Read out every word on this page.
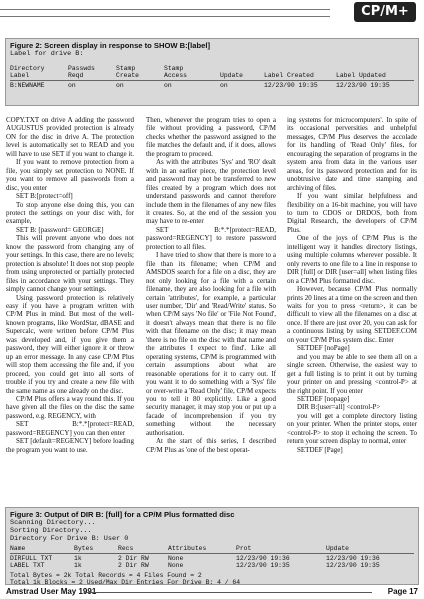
CP/M+
Figure 2: Screen display in response to SHOW B:[label]
Label for drive B:
Directory	Passwds	Stamp	Stamp
Label	Reqd	Create	Access	Update	Label Created	Label Updated
B:NEWNAME	on	on	on	on	12/23/90 19:35	12/23/90 19:35

COPY.TXT on drive A adding the password AUGUSTUS provided protection is already ON for the disc in drive A. The protection level is automatically set to READ and you will have to use SET if you want to change it.

If you want to remove protection from a file, you simply set protection to NONE. If you want to remove all passwords from a disc, you enter

SET B:[protect=off]

To stop anyone else doing this, you can protect the settings on your disc with, for example,

SET B: [password= GEORGE]

This will prevent anyone who does not know the password from changing any of your settings. In this case, there are no levels; protection is absolute! It does not stop people from using unprotected or partially protected files in accordance with your settings. They simply cannot change your settings.

Using password protection is relatively easy if you have a program written with CP/M Plus in mind. But most of the well-known programs, like WordStar, dBASE and Supercalc, were written before CP/M Plus was developed and, if you give them a password, they will either ignore it or throw up an error message. In any case CP/M Plus will stop them accessing the file and, if you proceed, you could get into all sorts of trouble if you try and create a new file with the same name as one already on the disc.

CP/M Plus offers a way round this. If you have given all the files on the disc the same password, e.g. REGENCY, with

SET B:*.*[protect=READ, password=REGENCY] you can then enter

SET [default=REGENCY] before loading the program you want to use.

Then, whenever the program tries to open a file without providing a password, CP/M checks whether the password assigned to the file matches the default and, if it does, allows the program to proceed.

As with the attributes 'Sys' and 'RO' dealt with in an earlier piece, the protection level and password may not be transferred to new files created by a program which does not understand passwords and cannot therefore include them in the filenames of any new files it creates. So, at the end of the session you may have to re-enter

SET B:*.*[protect=READ, password=REGENCY] to restore password protection to all files.

I have tried to show that there is more to a file than its filename; when CP/M and AMSDOS search for a file on a disc, they are not only looking for a file with a certain filename, they are also looking for a file with certain 'attributes', for example, a particular user number, 'Dir' and 'Read/Write' status. So when CP/M says 'No file' or 'File Not Found', it doesn't always mean that there is no file with that filename on the disc; it may mean 'there is no file on the disc with that name and the attributes I expect to find'. Like all operating systems, CP/M is programmed with certain assumptions about what are reasonable operations for it to carry out. If you want it to do something with a 'Sys' file or over-write a 'Read Only' file, CP/M expects you to tell it 80 explicitly. Like a good security manager, it may stop you or put up a facade of incomprehension if you try something without the necessary authorisation.

At the start of this series, I described CP/M Plus as 'one of the best operat-

ing systems for microcomputers'. In spite of its occasional perversities and unhelpful messages, CP/M Plus deserves the accolade for its handling of 'Read Only' files, for encouraging the separation of programs in the system area from data in the various user areas, for its password protection and for its unobtrusive date and time stamping and archiving of files.

If you want similar helpfulness and flexibility on a 16-bit machine, you will have to turn to CDOS or DRDOS, both from Digital Research, the developers of CP/M Plus.

One of the joys of CP/M Plus is the intelligent way it handles directory listings, using multiple columns wherever possible. It only reverts to one file to a line in response to DIR [full] or DIR [user=all] when listing files on a CP/M Plus formatted disc.

However, because CP/M Plus normally prints 20 lines at a time on the screen and then waits for you to press <return>, it can be difficult to view all the filenames on a disc at once. If there are just over 20, you can ask for a continuous listing by using SETDEF.COM on your CP/M Plus system disc. Enter

SETDEF [noPage]

and you may be able to see them all on a single screen. Otherwise, the easiest way to get a full listing is to print it out by turning your printer on and pressing <control-P> at the right point. If you enter

SETDEF [nopage]

DIR B:[user=all] <control-P>

you will get a complete directory listing on your printer. When the printer stops, enter <control-P> to stop it echoing the screen. To return your screen display to normal, enter

SETDEF [Page]

Figure 3: Output of DIR B: [full] for a CP/M Plus formatted disc
Scanning Directory...
Sorting Directory...
Directory For Drive B: User 0
Name	Bytes	Recs	Attributes	Prot	Update
DIRFULL TXT	1k	2 Dir RW	None	12/23/90 19:36	12/23/90 19:36
LABEL TXT	1k	2 Dir RW	None	12/23/90 19:35	12/23/90 19:35
Total Bytes = 2k Total Records = 4 Files Found = 2
Total 1k Blocks = 2 Used/Max Dir Entries For Drive B: 4 / 64
Amstrad User May 1991	Page 17
